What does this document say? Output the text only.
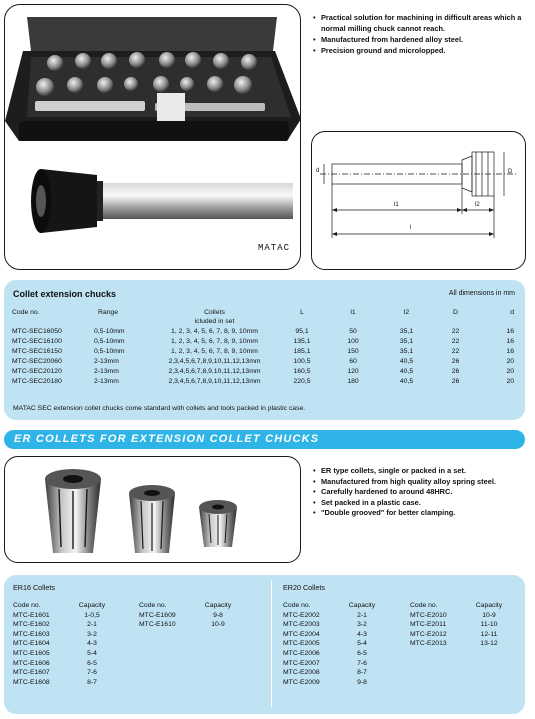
MATAC
• Practical solution for machining in difficult areas which a normal milling chuck cannot reach.
• Manufactured from hardened alloy steel.
• Precision ground and microlopped.
d	D
l1	l2
l
Collet extension chucks	All dimensions in mm
Code no.	Range	Collets	L	l1	l2	D	d
		icluded in set					
MTC-SEC16050	0,5-10mm	1, 2, 3, 4, 5, 6, 7, 8, 9, 10mm	95,1	50	35,1	22	16
MTC-SEC16100	0,5-10mm	1, 2, 3, 4, 5, 6, 7, 8, 9, 10mm	135,1	100	35,1	22	16
MTC-SEC16150	0,5-10mm	1, 2, 3, 4, 5, 6, 7, 8, 9, 10mm	185,1	150	35,1	22	16
MTC-SEC20060	2-13mm	2,3,4,5,6,7,8,9,10,11,12,13mm	100,5	60	40,5	26	20
MTC-SEC20120	2-13mm	2,3,4,5,6,7,8,9,10,11,12,13mm	160,5	120	40,5	26	20
MTC-SEC20180	2-13mm	2,3,4,5,6,7,8,9,10,11,12,13mm	220,5	180	40,5	26	20
MATAC SEC extension collet chucks come standard with collets and tools packed in plastic case.
ER COLLETS FOR EXTENSION COLLET CHUCKS
• ER type collets, single or packed in a set.
• Manufactured from high quality alloy spring steel.
• Carefully hardened to around 48HRC.
• Set packed in a plastic case.
• "Double grooved" for better clamping.
ER16 Collets	ER20 Collets
Code no.	Capacity
MTC-E1601	1-0,5
MTC-E1602	2-1
MTC-E1603	3-2
MTC-E1604	4-3
MTC-E1605	5-4
MTC-E1606	6-5
MTC-E1607	7-6
MTC-E1608	8-7
Code no.	Capacity
MTC-E1609	9-8
MTC-E1610	10-9
Code no.	Capacity
MTC-E2002	2-1
MTC-E2003	3-2
MTC-E2004	4-3
MTC-E2005	5-4
MTC-E2006	6-5
MTC-E2007	7-6
MTC-E2008	8-7
MTC-E2009	9-8
Code no.	Capacity
MTC-E2010	10-9
MTC-E2011	11-10
MTC-E2012	12-11
MTC-E2013	13-12
